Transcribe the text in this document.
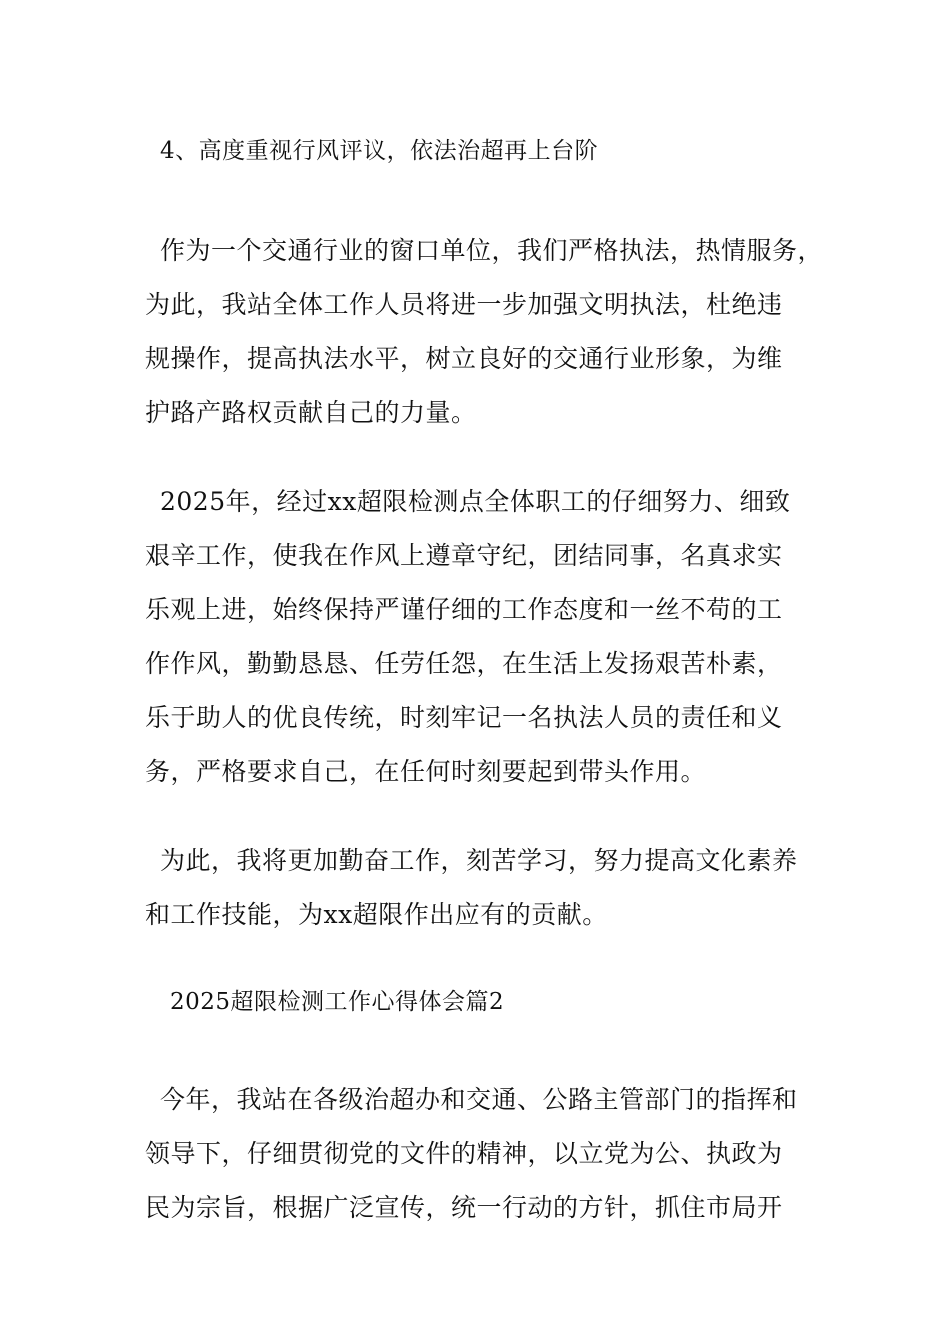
4、高度重视行风评议，依法治超再上台阶
作为一个交通行业的窗口单位，我们严格执法，热情服务，
为此，我站全体工作人员将进一步加强文明执法，杜绝违
规操作，提高执法水平，树立良好的交通行业形象，为维
护路产路权贡献自己的力量。
2025年，经过xx超限检测点全体职工的仔细努力、细致
艰辛工作，使我在作风上遵章守纪，团结同事，名真求实
乐观上进，始终保持严谨仔细的工作态度和一丝不苟的工
作作风，勤勤恳恳、任劳任怨，在生活上发扬艰苦朴素，
乐于助人的优良传统，时刻牢记一名执法人员的责任和义
务，严格要求自己，在任何时刻要起到带头作用。
为此，我将更加勤奋工作，刻苦学习，努力提高文化素养
和工作技能，为xx超限作出应有的贡献。
2025超限检测工作心得体会篇2
今年，我站在各级治超办和交通、公路主管部门的指挥和
领导下，仔细贯彻党的文件的精神，以立党为公、执政为
民为宗旨，根据广泛宣传，统一行动的方针，抓住市局开
